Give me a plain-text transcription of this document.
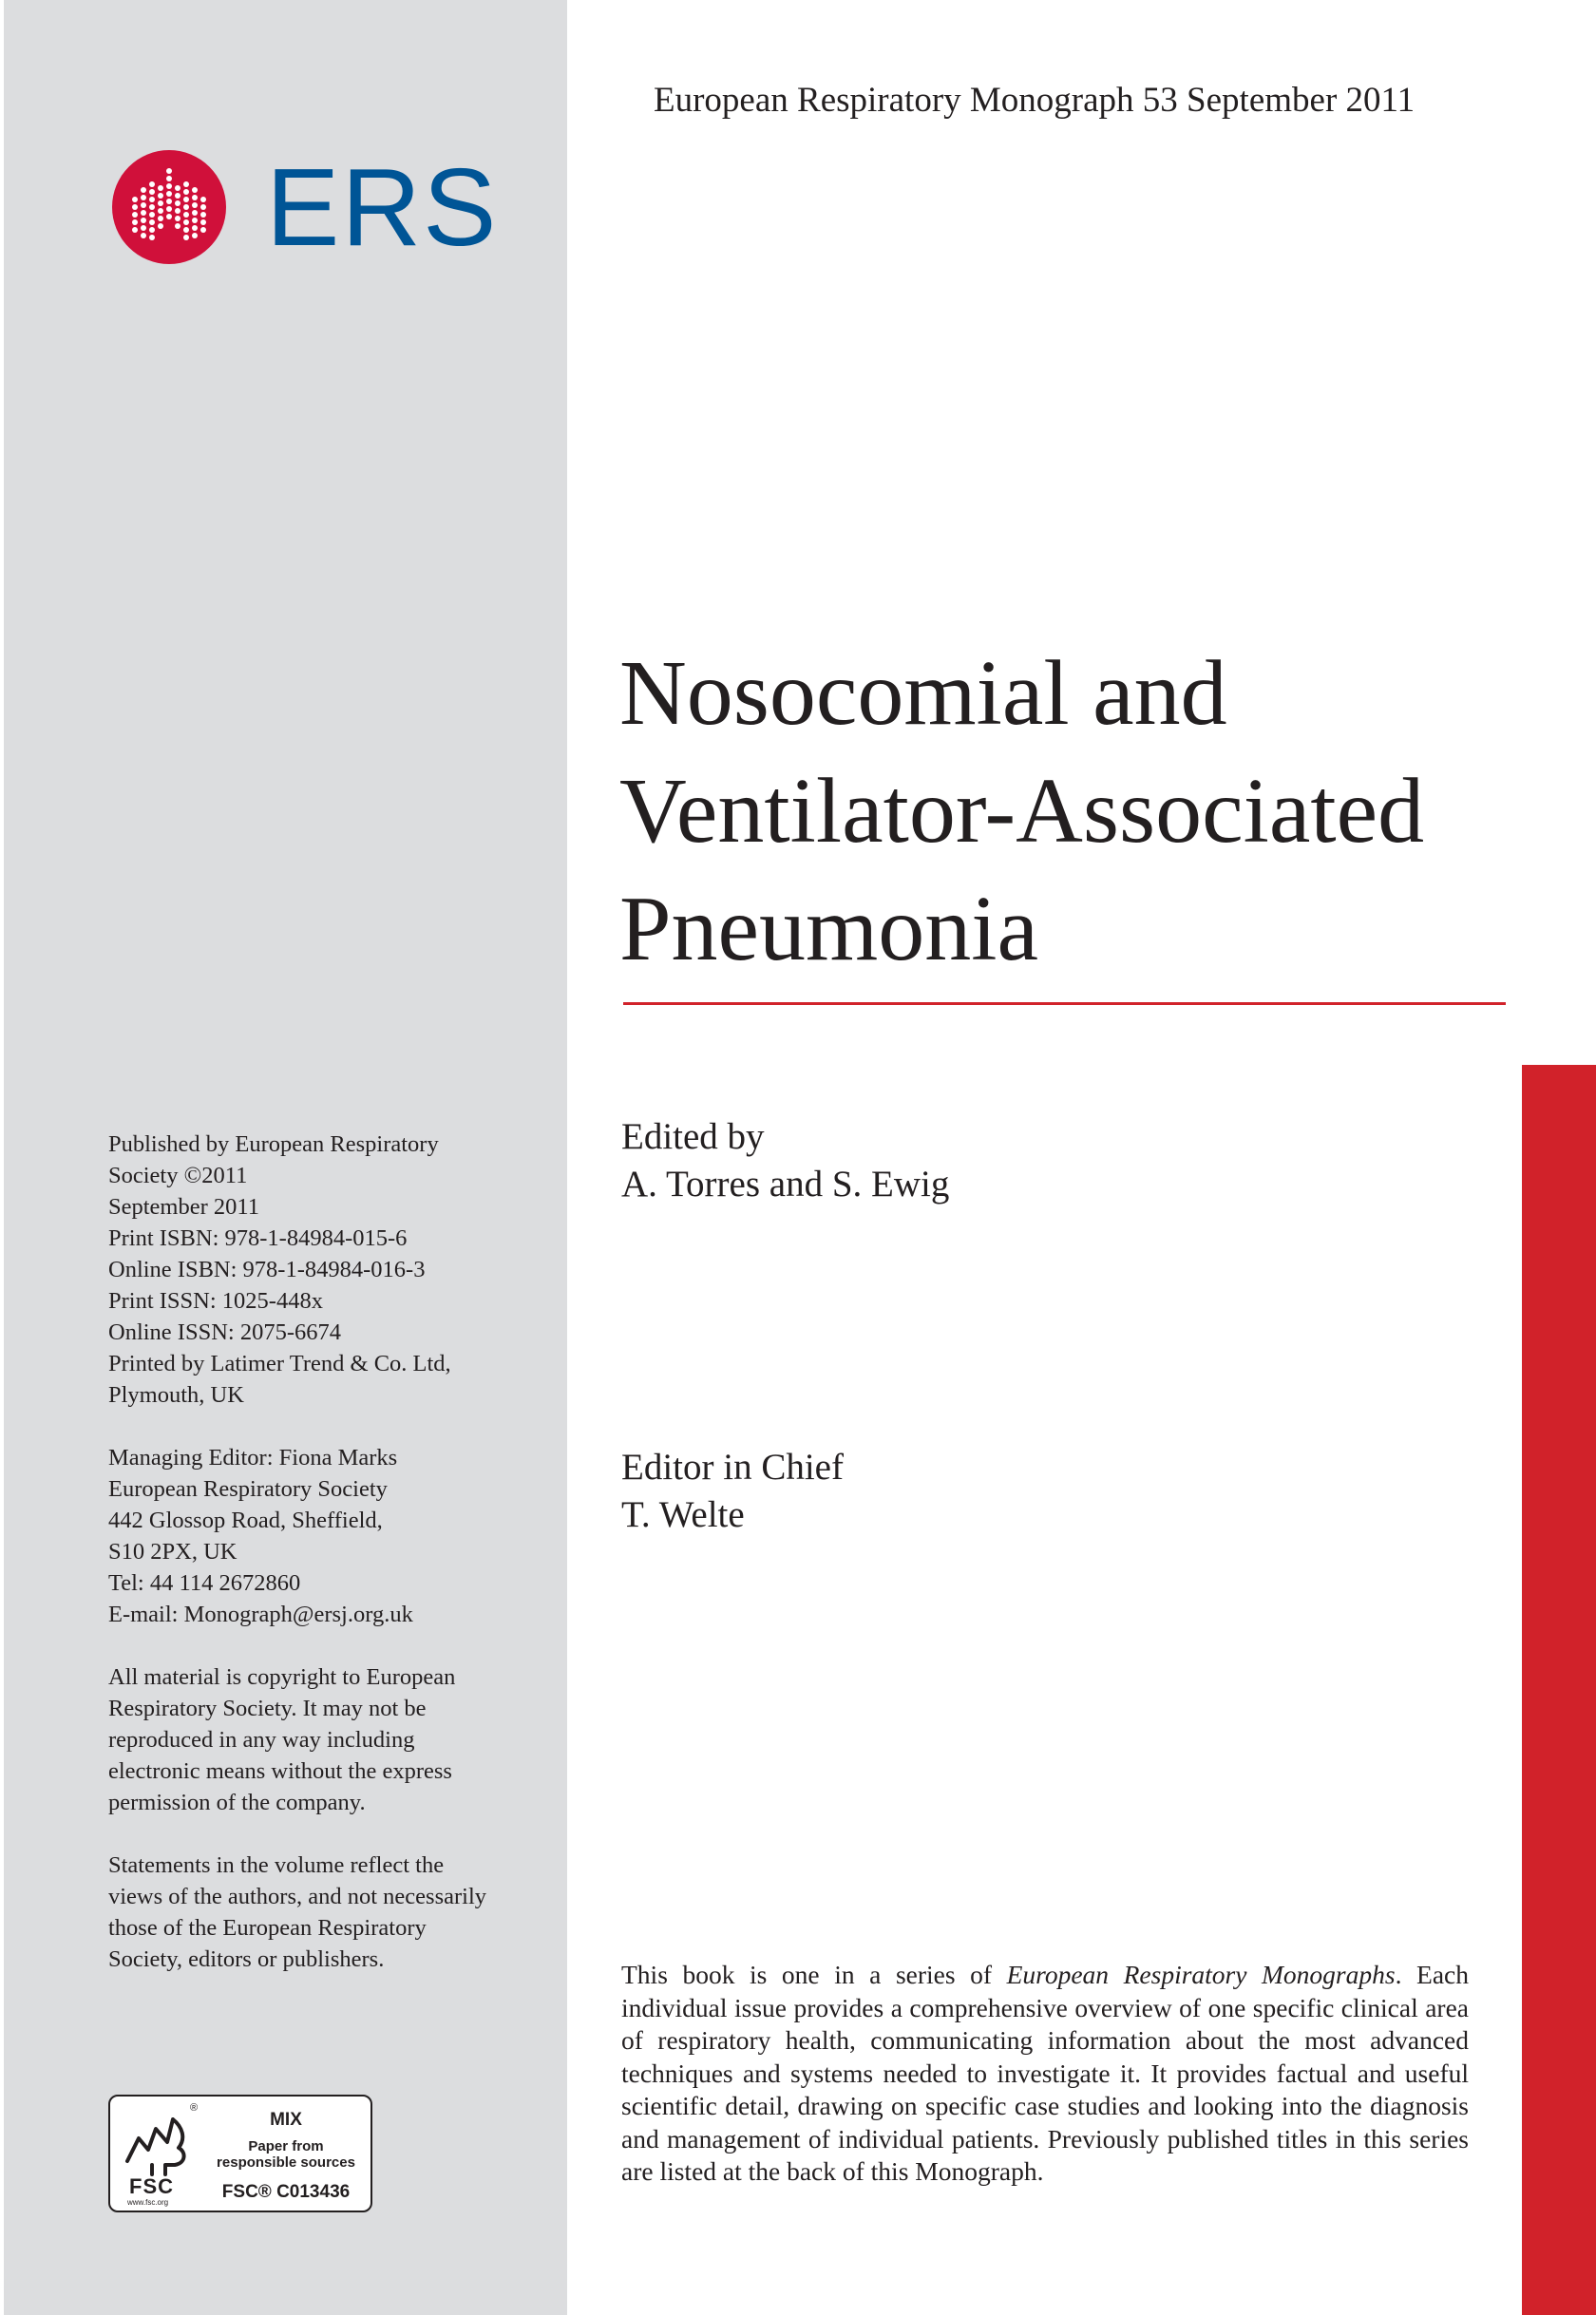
ERS
Published by European Respiratory
Society ©2011
September 2011
Print ISBN: 978-1-84984-015-6
Online ISBN: 978-1-84984-016-3
Print ISSN: 1025-448x
Online ISSN: 2075-6674
Printed by Latimer Trend & Co. Ltd,
Plymouth, UK
Managing Editor: Fiona Marks
European Respiratory Society
442 Glossop Road, Sheffield,
S10 2PX, UK
Tel: 44 114 2672860
E-mail: Monograph@ersj.org.uk
All material is copyright to European
Respiratory Society. It may not be
reproduced in any way including
electronic means without the express
permission of the company.
Statements in the volume reflect the
views of the authors, and not necessarily
those of the European Respiratory
Society, editors or publishers.
®
FSC
www.fsc.org
MIX
Paper from
responsible sources
FSC® C013436
European Respiratory Monograph 53 September 2011
Nosocomial and
Ventilator-Associated
Pneumonia
Edited by
A. Torres and S. Ewig
Editor in Chief
T. Welte
This book is one in a series of European Respiratory Monographs. Each individual issue provides a comprehensive overview of one specific clinical area of respiratory health, communicating information about the most advanced techniques and systems needed to investigate it. It provides factual and useful scientific detail, drawing on specific case studies and looking into the diagnosis and management of individual patients. Previously published titles in this series are listed at the back of this Monograph.
